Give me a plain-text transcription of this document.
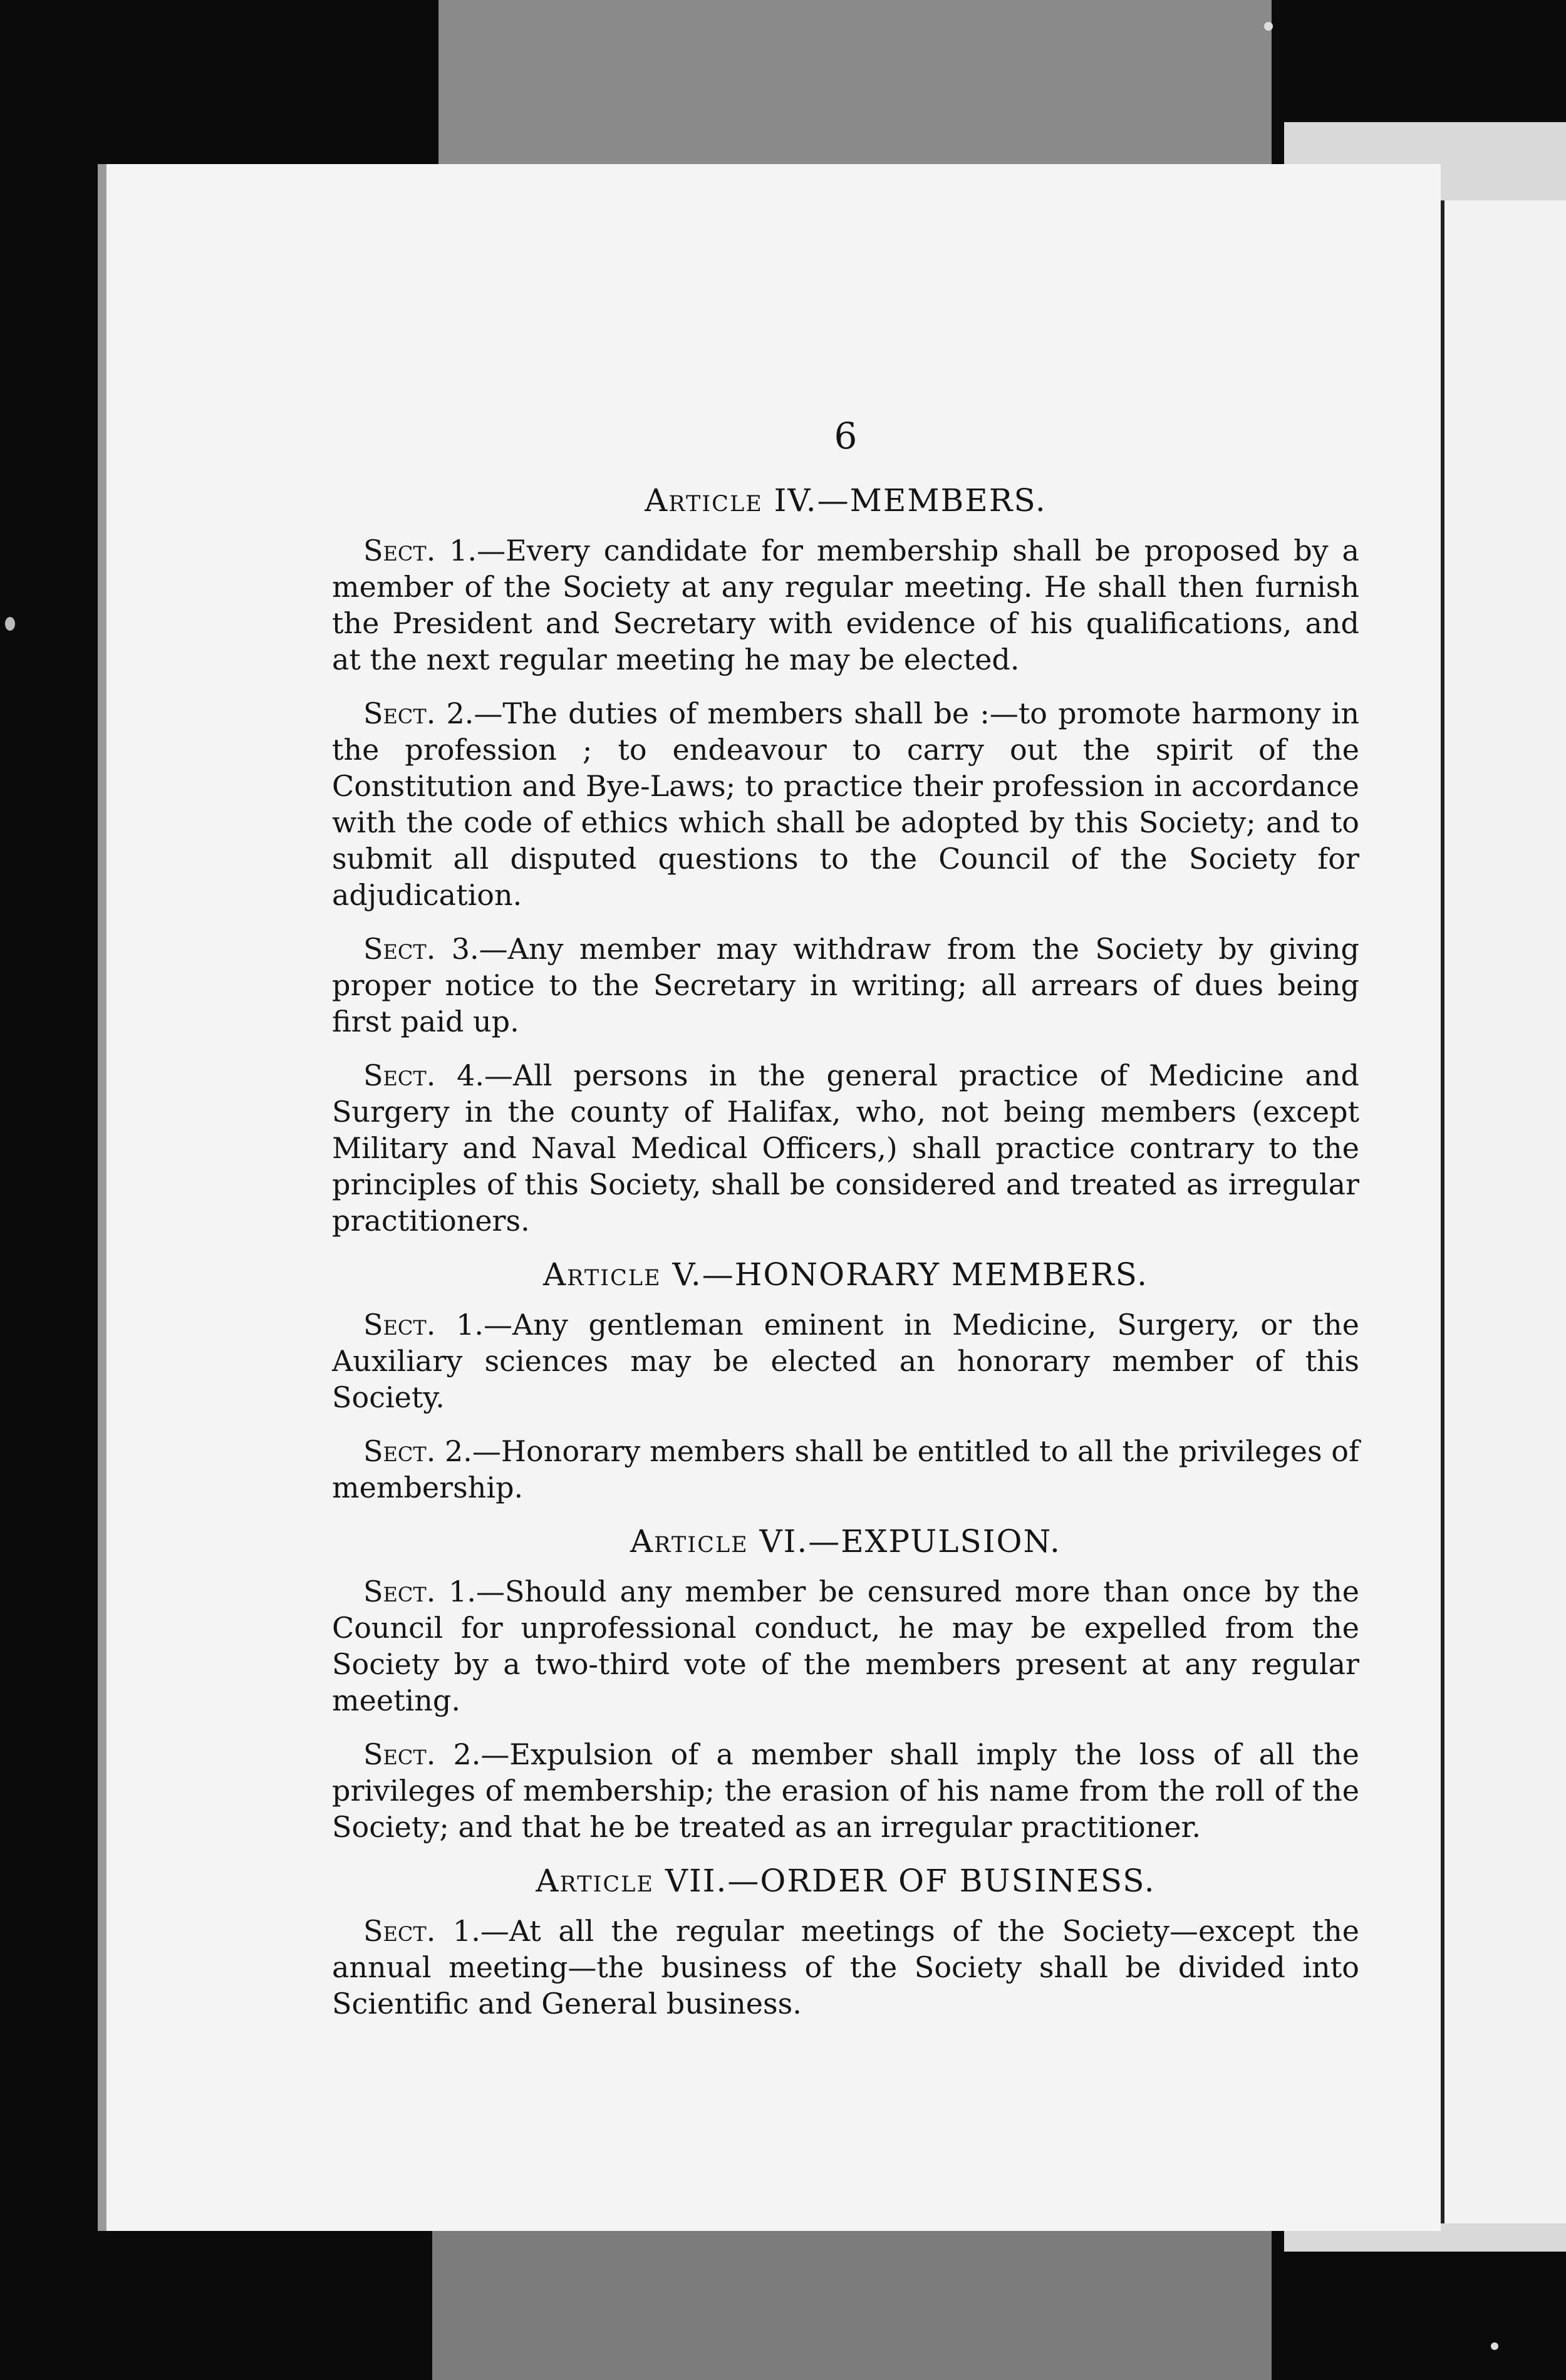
6
Article IV.—MEMBERS.

Sect. 1.—Every candidate for membership shall be proposed by a member of the Society at any regular meeting. He shall then furnish the President and Secretary with evidence of his qualifications, and at the next regular meeting he may be elected.

Sect. 2.—The duties of members shall be :—to promote harmony in the profession ; to endeavour to carry out the spirit of the Constitution and Bye-Laws; to practice their profession in accordance with the code of ethics which shall be adopted by this Society; and to submit all disputed questions to the Council of the Society for adjudication.

Sect. 3.—Any member may withdraw from the Society by giving proper notice to the Secretary in writing; all arrears of dues being first paid up.

Sect. 4.—All persons in the general practice of Medicine and Surgery in the county of Halifax, who, not being members (except Military and Naval Medical Officers,) shall practice contrary to the principles of this Society, shall be considered and treated as irregular practitioners.

Article V.—HONORARY MEMBERS.

Sect. 1.—Any gentleman eminent in Medicine, Surgery, or the Auxiliary sciences may be elected an honorary member of this Society.

Sect. 2.—Honorary members shall be entitled to all the privileges of membership.

Article VI.—EXPULSION.

Sect. 1.—Should any member be censured more than once by the Council for unprofessional conduct, he may be expelled from the Society by a two-third vote of the members present at any regular meeting.

Sect. 2.—Expulsion of a member shall imply the loss of all the privileges of membership; the erasion of his name from the roll of the Society; and that he be treated as an irregular practitioner.

Article VII.—ORDER OF BUSINESS.

Sect. 1.—At all the regular meetings of the Society—except the annual meeting—the business of the Society shall be divided into Scientific and General business.
